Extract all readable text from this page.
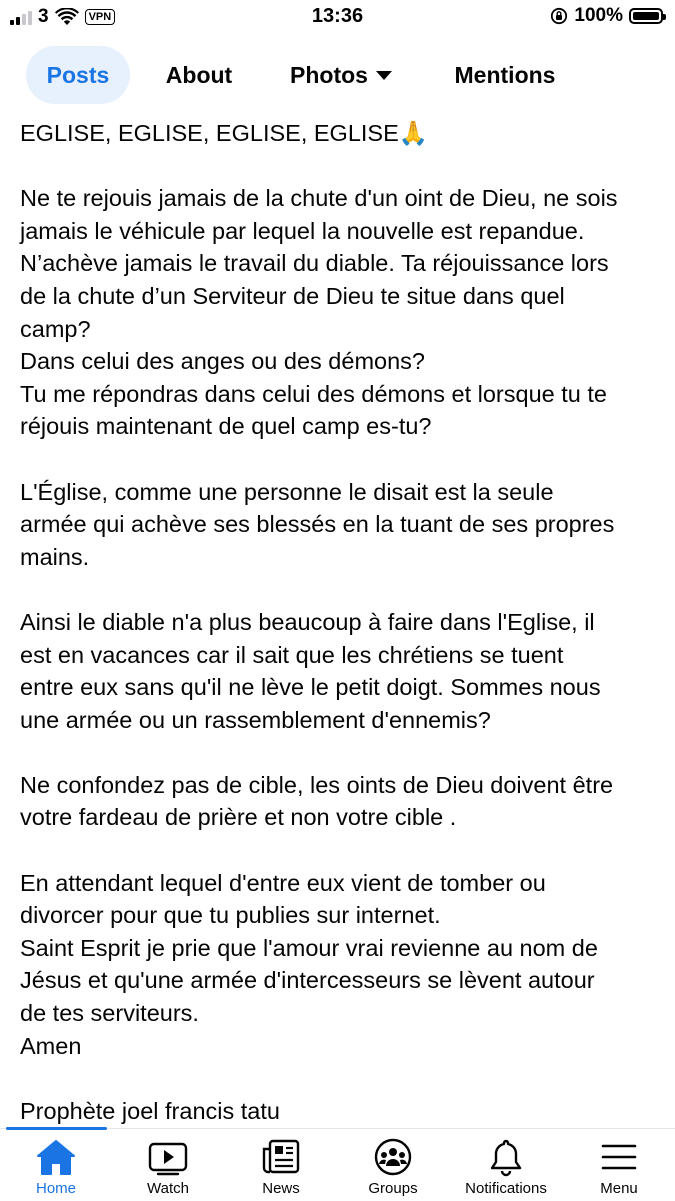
3	VPN	13:36	100%
Posts	About	Photos	Mentions

EGLISE, EGLISE, EGLISE, EGLISE🙏

Ne te rejouis jamais de la chute d'un oint de Dieu, ne sois
jamais le véhicule par lequel la nouvelle est repandue.
N’achève jamais le travail du diable. Ta réjouissance lors
de la chute d’un Serviteur de Dieu te situe dans quel
camp?
Dans celui des anges ou des démons?
Tu me répondras dans celui des démons et lorsque tu te
réjouis maintenant de quel camp es-tu?

L'Église, comme une personne le disait est la seule
armée qui achève ses blessés en la tuant de ses propres
mains.

Ainsi le diable n'a plus beaucoup à faire dans l'Eglise, il
est en vacances car il sait que les chrétiens se tuent
entre eux sans qu'il ne lève le petit doigt. Sommes nous
une armée ou un rassemblement d'ennemis?

Ne confondez pas de cible, les oints de Dieu doivent être
votre fardeau de prière et non votre cible .

En attendant lequel d'entre eux vient de tomber ou
divorcer pour que tu publies sur internet.
Saint Esprit je prie que l'amour vrai revienne au nom de
Jésus et qu'une armée d'intercesseurs se lèvent autour
de tes serviteurs.
Amen

Prophète joel francis tatu

Home	Watch	News	Groups	Notifications	Menu
